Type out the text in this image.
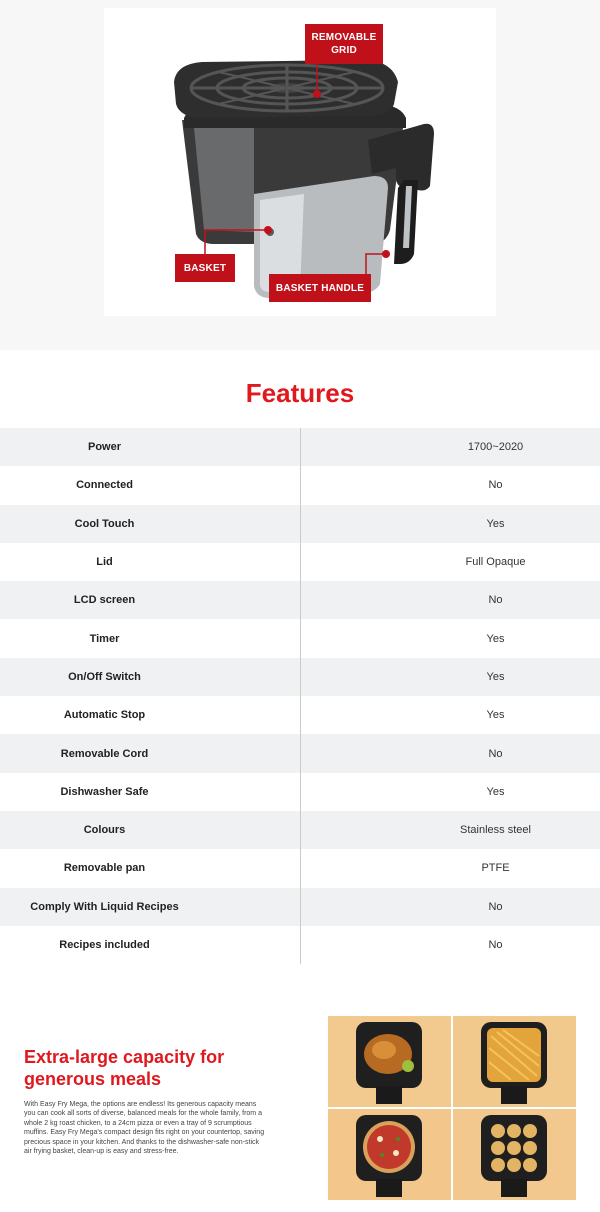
REMOVABLE
GRID
BASKET
BASKET HANDLE
Features
Power	1700~2020
Connected	No
Cool Touch	Yes
Lid	Full Opaque
LCD screen	No
Timer	Yes
On/Off Switch	Yes
Automatic Stop	Yes
Removable Cord	No
Dishwasher Safe	Yes
Colours	Stainless steel
Removable pan	PTFE
Comply With Liquid Recipes	No
Recipes included	No
Extra-large capacity for generous meals

With Easy Fry Mega, the options are endless! Its generous capacity means you can cook all sorts of diverse, balanced meals for the whole family, from a whole 2 kg roast chicken, to a 24cm pizza or even a tray of 9 scrumptious muffins. Easy Fry Mega's compact design fits right on your countertop, saving precious space in your kitchen. And thanks to the dishwasher-safe non-stick air frying basket, clean-up is easy and stress-free.
